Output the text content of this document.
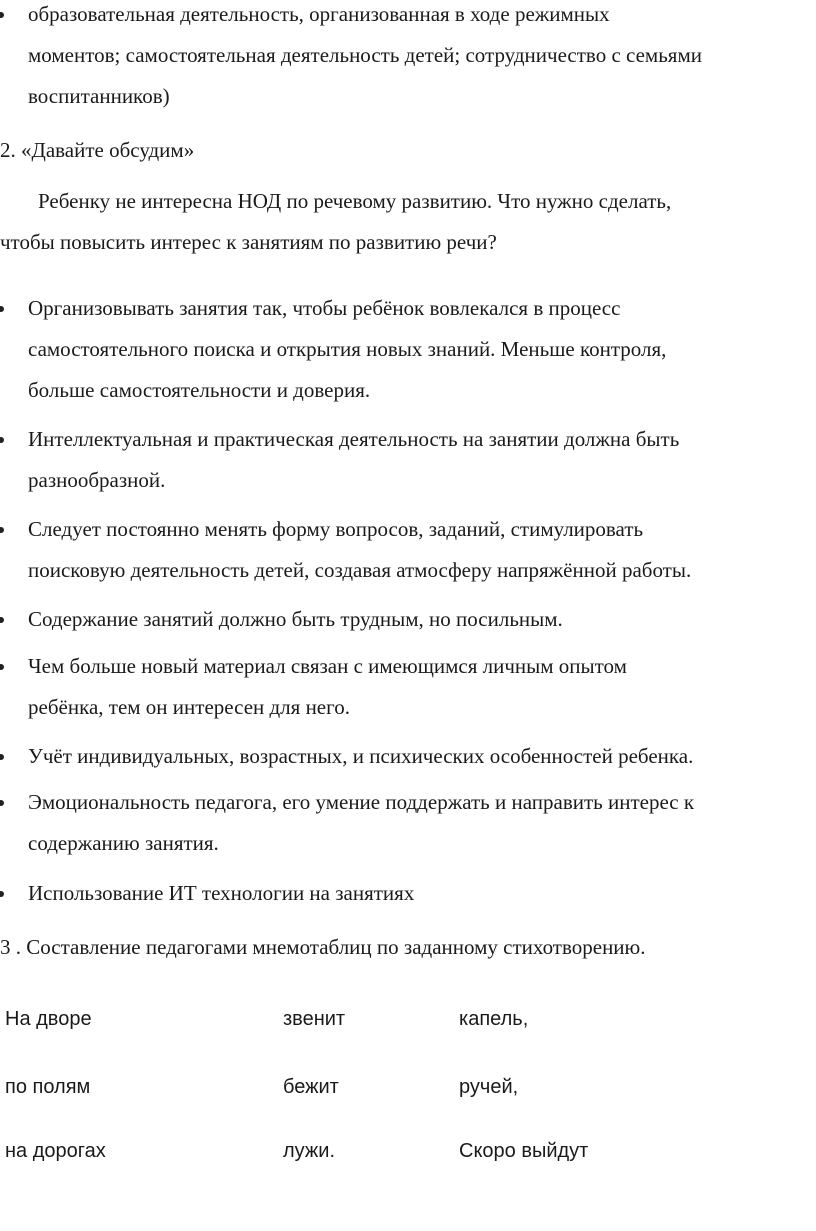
образовательная деятельность, организованная в ходе режимных

моментов; самостоятельная деятельность детей; сотрудничество с семьями

воспитанников)

2. «Давайте обсудим»

Ребенку не интересна НОД по речевому развитию. Что нужно сделать,

чтобы повысить интерес к занятиям по развитию речи?

Организовывать занятия так, чтобы ребёнок вовлекался в процесс

самостоятельного поиска и открытия новых знаний. Меньше контроля,

больше самостоятельности и доверия.

Интеллектуальная и практическая деятельность на занятии должна быть

разнообразной.

Следует постоянно менять форму вопросов, заданий, стимулировать

поисковую деятельность детей, создавая атмосферу напряжённой работы.

Содержание занятий должно быть трудным, но посильным.

Чем больше новый материал связан с имеющимся личным опытом

ребёнка, тем он интересен для него.

Учёт индивидуальных, возрастных, и психических особенностей ребенка.

Эмоциональность педагога, его умение поддержать и направить интерес к

содержанию занятия.

Использование ИТ технологии на занятиях

3 . Составление педагогами мнемотаблиц по заданному стихотворению.

На дворе	звенит	капель,

по полям	бежит	ручей,

на дорогах	лужи.	Скоро выйдут
